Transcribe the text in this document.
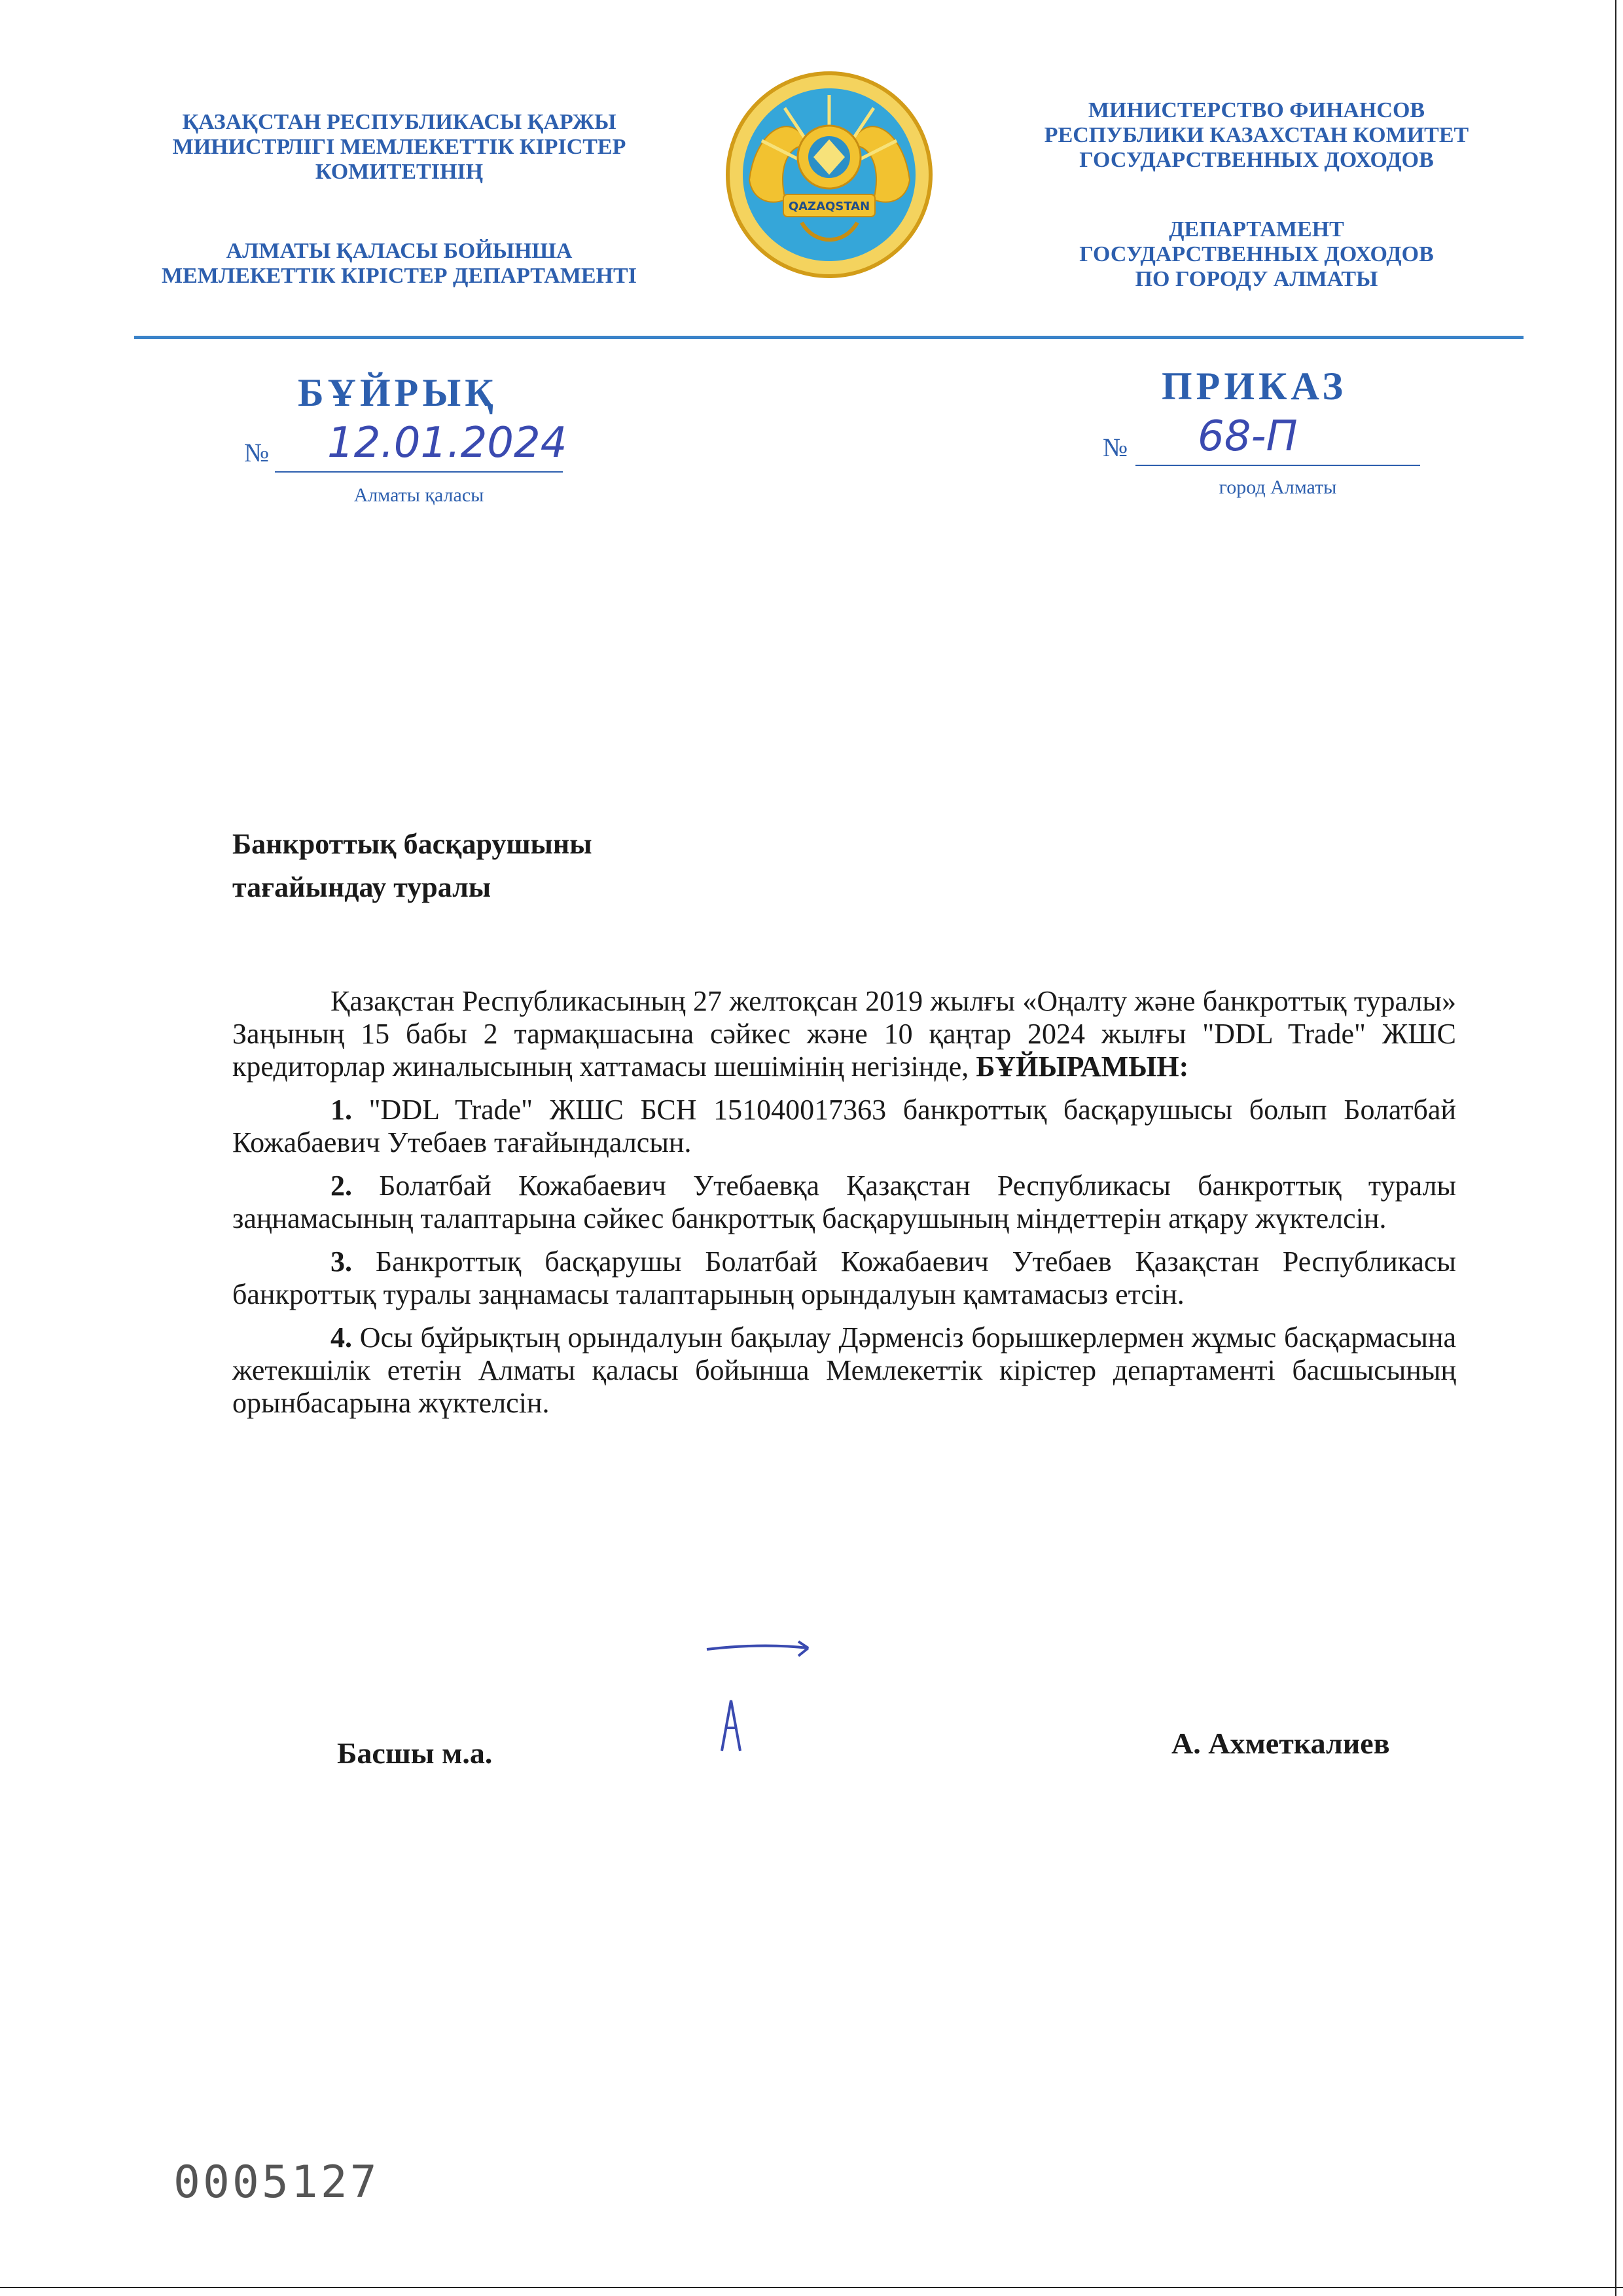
ҚАЗАҚСТАН РЕСПУБЛИКАСЫ ҚАРЖЫ
МИНИСТРЛІГІ МЕМЛЕКЕТТІК КІРІСТЕР
КОМИТЕТІНІҢ
АЛМАТЫ ҚАЛАСЫ БОЙЫНША
МЕМЛЕКЕТТІК КІРІСТЕР ДЕПАРТАМЕНТІ
QAZAQSTAN
МИНИСТЕРСТВО ФИНАНСОВ
РЕСПУБЛИКИ КАЗАХСТАН КОМИТЕТ
ГОСУДАРСТВЕННЫХ ДОХОДОВ
ДЕПАРТАМЕНТ
ГОСУДАРСТВЕННЫХ ДОХОДОВ
ПО ГОРОДУ АЛМАТЫ
БҰЙРЫҚ	ПРИКАЗ
№ 12.01.2024
Алматы қаласы
№ 68-П
город Алматы
Банкроттық басқарушыны
тағайындау туралы

Қазақстан Республикасының 27 желтоқсан 2019 жылғы «Оңалту және банкроттық туралы» Заңының 15 бабы 2 тармақшасына сәйкес және 10 қаңтар 2024 жылғы "DDL Trade" ЖШС кредиторлар жиналысының хаттамасы шешімінің негізінде, БҰЙЫРАМЫН:

1. "DDL Trade" ЖШС БСН 151040017363 банкроттық басқарушысы болып Болатбай Кожабаевич Утебаев тағайындалсын.

2. Болатбай Кожабаевич Утебаевқа Қазақстан Республикасы банкроттық туралы заңнамасының талаптарына сәйкес банкроттық басқарушының міндеттерін атқару жүктелсін.

3. Банкроттық басқарушы Болатбай Кожабаевич Утебаев Қазақстан Республикасы банкроттық туралы заңнамасы талаптарының орындалуын қамтамасыз етсін.

4. Осы бұйрықтың орындалуын бақылау Дәрменсіз борышкерлермен жұмыс басқармасына жетекшілік ететін Алматы қаласы бойынша Мемлекеттік кірістер департаменті басшысының орынбасарына жүктелсін.

Басшы м.а.	А. Ахметкалиев
0005127
